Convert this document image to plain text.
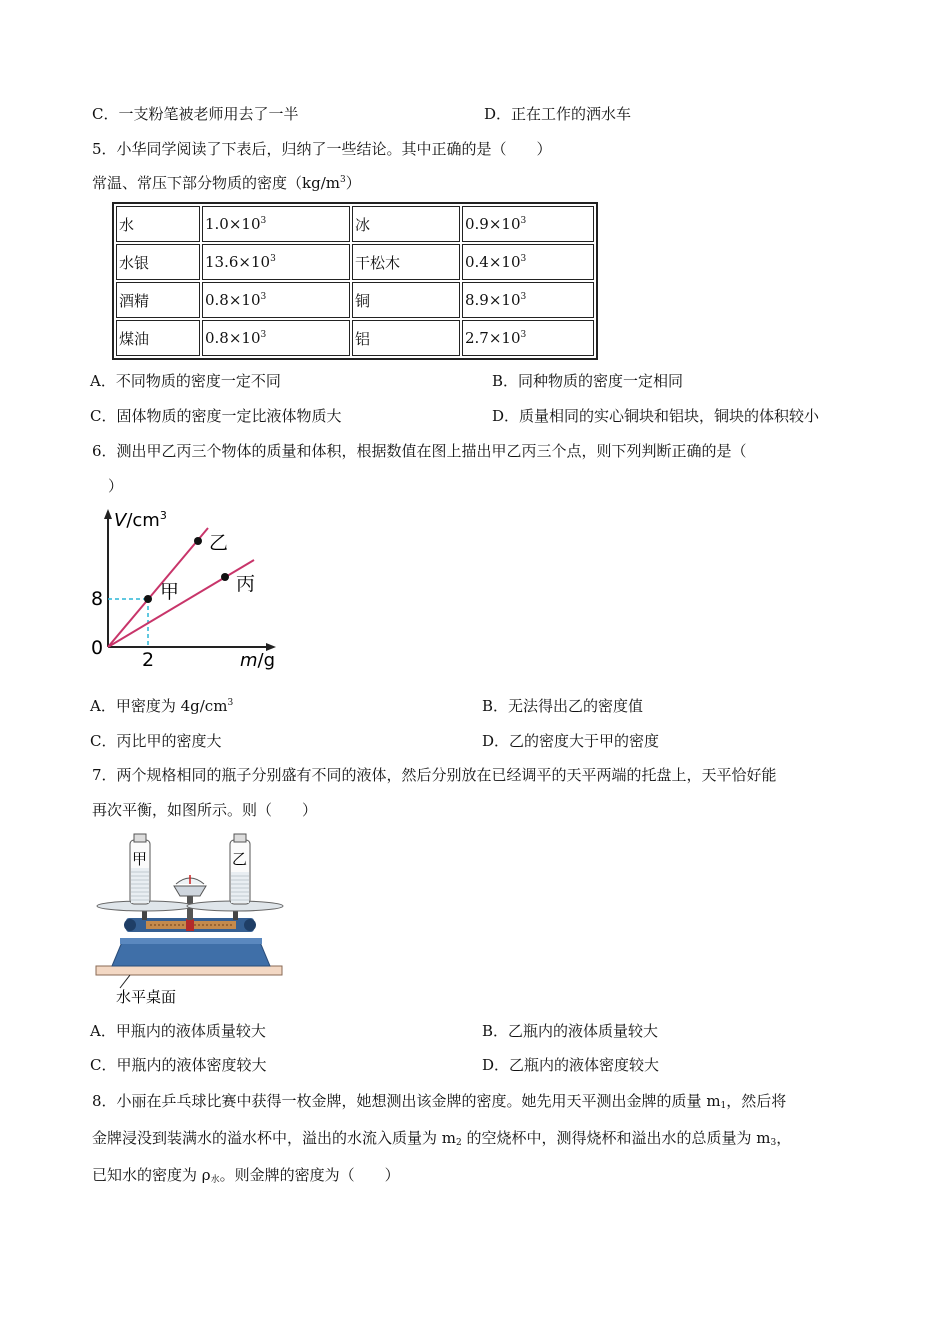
C．一支粉笔被老师用去了一半	D．正在工作的洒水车
5．小华同学阅读了下表后，归纳了一些结论。其中正确的是（　　）
常温、常压下部分物质的密度$(kg/m^3)$
水	$1.0\times 10^3$	冰	$0.9\times 10^3$
水银	$13.6\times 10^3$	干松木	$0.4\times 10^3$
酒精	$0.8\times 10^3$	铜	$8.9\times 10^3$
煤油	$0.8\times 10^3$	铝	$2.7\times 10^3$
A．不同物质的密度一定不同	B．同种物质的密度一定相同
C．固体物质的密度一定比液体物质大	D．质量相同的实心铜块和铝块，铜块的体积较小
6．测出甲乙丙三个物体的质量和体积，根据数值在图上描出甲乙丙三个点，则下列判断正确的是（
）
甲
乙
丙
8
0
2
$V/cm^3$
m/g
A．甲密度为 $4g/cm^3$	B．无法得出乙的密度值
C．丙比甲的密度大	D．乙的密度大于甲的密度
7．两个规格相同的瓶子分别盛有不同的液体，然后分别放在已经调平的天平两端的托盘上，天平恰好能
再次平衡，如图所示。则（　　）
水平桌面
甲	乙
A．甲瓶内的液体质量较大	B．乙瓶内的液体质量较大
C．甲瓶内的液体密度较大	D．乙瓶内的液体密度较大
8．小丽在乒乓球比赛中获得一枚金牌，她想测出该金牌的密度。她先用天平测出金牌的质量 $m_1$，然后将
金牌浸没到装满水的溢水杯中，溢出的水流入质量为 $m_2$ 的空烧杯中，测得烧杯和溢出水的总质量为 $m_3$，
已知水的密度为 $\rho_水$。则金牌的密度为（　　）
